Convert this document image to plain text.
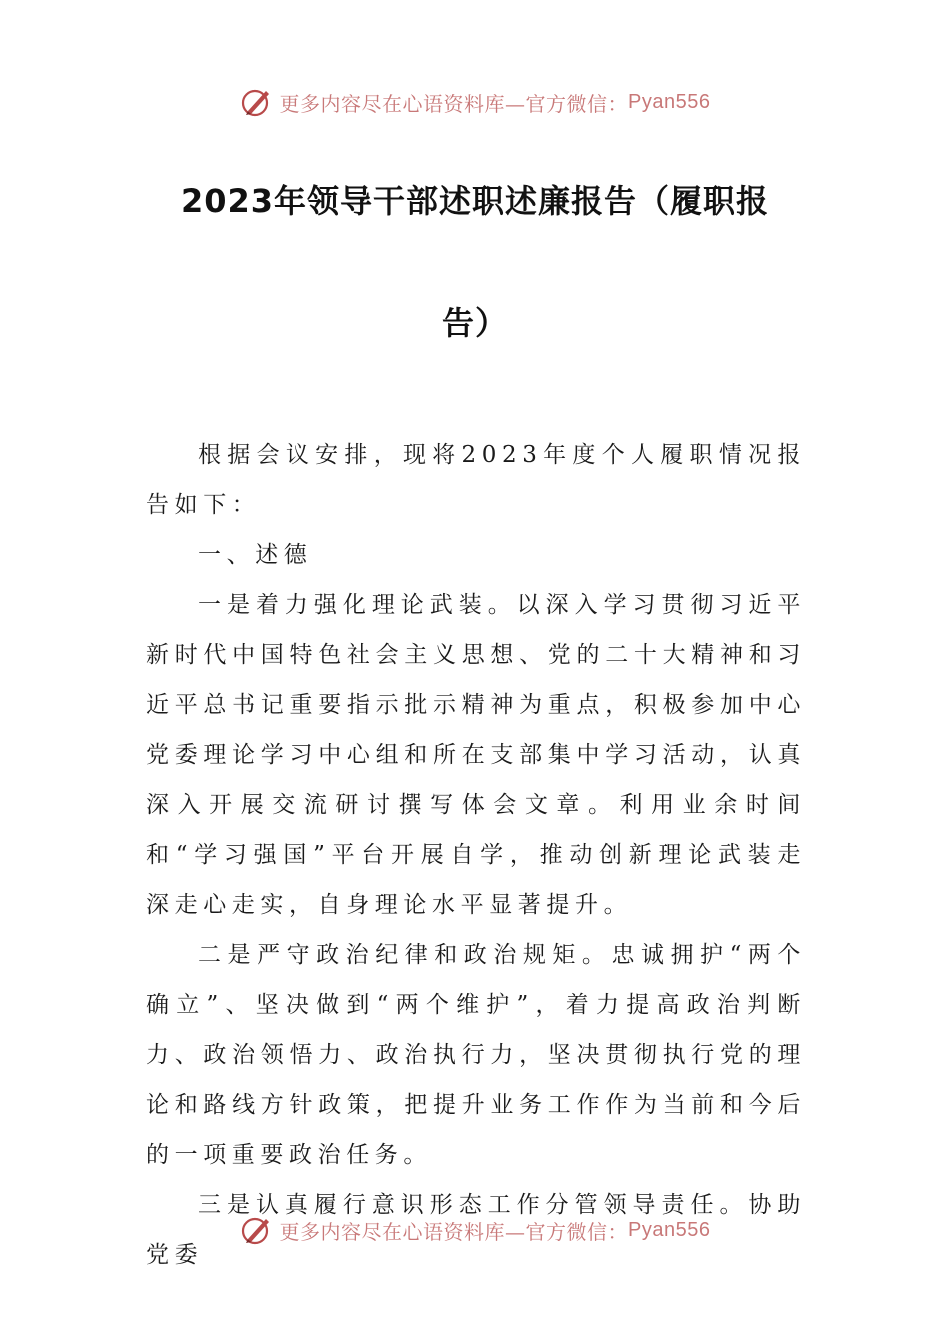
更多内容尽在心语资料库—官方微信： Pyan556
2023年领导干部述职述廉报告（履职报
告）

根据会议安排，现将2023年度个人履职情况报告如下：

一、述德

一是着力强化理论武装。以深入学习贯彻习近平新时代中国特色社会主义思想、党的二十大精神和习近平总书记重要指示批示精神为重点，积极参加中心党委理论学习中心组和所在支部集中学习活动，认真深入开展交流研讨撰写体会文章。利用业余时间和“学习强国”平台开展自学，推动创新理论武装走深走心走实，自身理论水平显著提升。

二是严守政治纪律和政治规矩。忠诚拥护“两个确立”、坚决做到“两个维护”，着力提高政治判断力、政治领悟力、政治执行力，坚决贯彻执行党的理论和路线方针政策，把提升业务工作作为当前和今后的一项重要政治任务。

三是认真履行意识形态工作分管领导责任。协助党委

更多内容尽在心语资料库—官方微信： Pyan556
